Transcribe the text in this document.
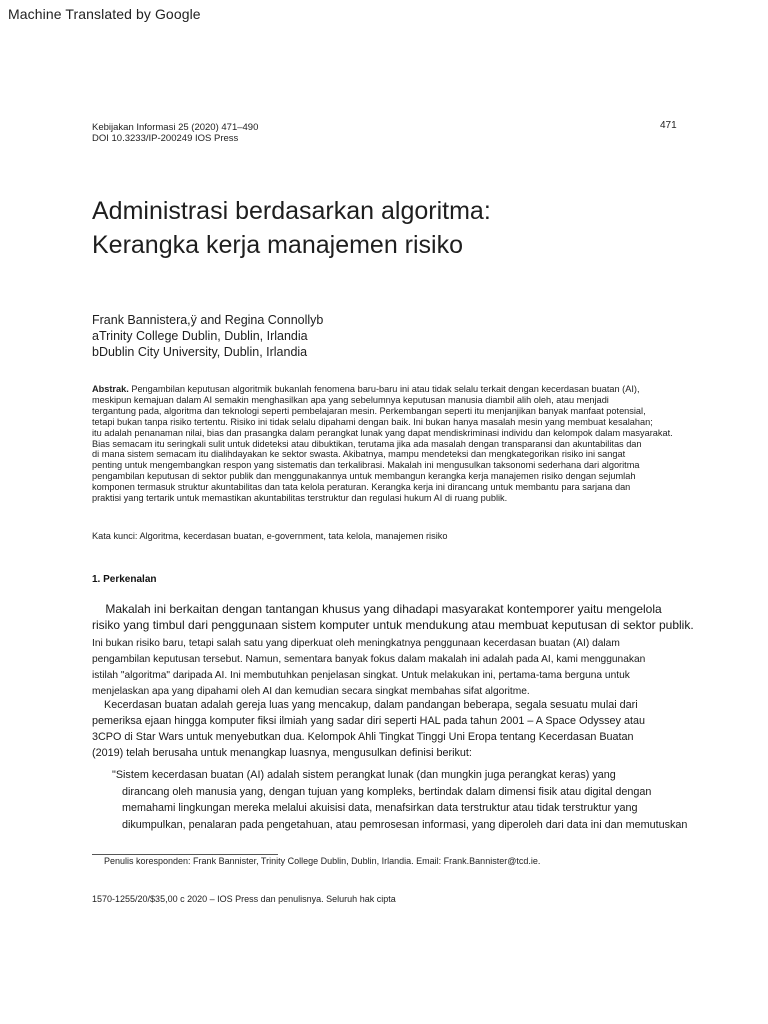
Machine Translated by Google
Kebijakan Informasi 25 (2020) 471–490
DOI 10.3233/IP-200249 IOS Press
471
Administrasi berdasarkan algoritma:
Kerangka kerja manajemen risiko
Frank Bannistera,ÿ and Regina Connollyb
aTrinity College Dublin, Dublin, Irlandia
bDublin City University, Dublin, Irlandia
Abstrak. Pengambilan keputusan algoritmik bukanlah fenomena baru-baru ini atau tidak selalu terkait dengan kecerdasan buatan (AI),
meskipun kemajuan dalam AI semakin menghasilkan apa yang sebelumnya keputusan manusia diambil alih oleh, atau menjadi
tergantung pada, algoritma dan teknologi seperti pembelajaran mesin. Perkembangan seperti itu menjanjikan banyak manfaat potensial,
tetapi bukan tanpa risiko tertentu. Risiko ini tidak selalu dipahami dengan baik. Ini bukan hanya masalah mesin yang membuat kesalahan;
itu adalah penanaman nilai, bias dan prasangka dalam perangkat lunak yang dapat mendiskriminasi individu dan kelompok dalam masyarakat.
Bias semacam itu seringkali sulit untuk dideteksi atau dibuktikan, terutama jika ada masalah dengan transparansi dan akuntabilitas dan
di mana sistem semacam itu dialihdayakan ke sektor swasta. Akibatnya, mampu mendeteksi dan mengkategorikan risiko ini sangat
penting untuk mengembangkan respon yang sistematis dan terkalibrasi. Makalah ini mengusulkan taksonomi sederhana dari algoritma
pengambilan keputusan di sektor publik dan menggunakannya untuk membangun kerangka kerja manajemen risiko dengan sejumlah
komponen termasuk struktur akuntabilitas dan tata kelola peraturan. Kerangka kerja ini dirancang untuk membantu para sarjana dan
praktisi yang tertarik untuk memastikan akuntabilitas terstruktur dan regulasi hukum AI di ruang publik.
Kata kunci: Algoritma, kecerdasan buatan, e-government, tata kelola, manajemen risiko
1. Perkenalan
Makalah ini berkaitan dengan tantangan khusus yang dihadapi masyarakat kontemporer yaitu mengelola
risiko yang timbul dari penggunaan sistem komputer untuk mendukung atau membuat keputusan di sektor publik.
Ini bukan risiko baru, tetapi salah satu yang diperkuat oleh meningkatnya penggunaan kecerdasan buatan (AI) dalam
pengambilan keputusan tersebut. Namun, sementara banyak fokus dalam makalah ini adalah pada AI, kami menggunakan
istilah "algoritma" daripada AI. Ini membutuhkan penjelasan singkat. Untuk melakukan ini, pertama-tama berguna untuk
menjelaskan apa yang dipahami oleh AI dan kemudian secara singkat membahas sifat algoritme.
Kecerdasan buatan adalah gereja luas yang mencakup, dalam pandangan beberapa, segala sesuatu mulai dari
pemeriksa ejaan hingga komputer fiksi ilmiah yang sadar diri seperti HAL pada tahun 2001 – A Space Odyssey atau
3CPO di Star Wars untuk menyebutkan dua. Kelompok Ahli Tingkat Tinggi Uni Eropa tentang Kecerdasan Buatan
(2019) telah berusaha untuk menangkap luasnya, mengusulkan definisi berikut:
"Sistem kecerdasan buatan (AI) adalah sistem perangkat lunak (dan mungkin juga perangkat keras) yang
dirancang oleh manusia yang, dengan tujuan yang kompleks, bertindak dalam dimensi fisik atau digital dengan
memahami lingkungan mereka melalui akuisisi data, menafsirkan data terstruktur atau tidak terstruktur yang
dikumpulkan, penalaran pada pengetahuan, atau pemrosesan informasi, yang diperoleh dari data ini dan memutuskan
Penulis koresponden: Frank Bannister, Trinity College Dublin, Dublin, Irlandia. Email: Frank.Bannister@tcd.ie.
1570-1255/20/$35,00 c 2020 – IOS Press dan penulisnya. Seluruh hak cipta
